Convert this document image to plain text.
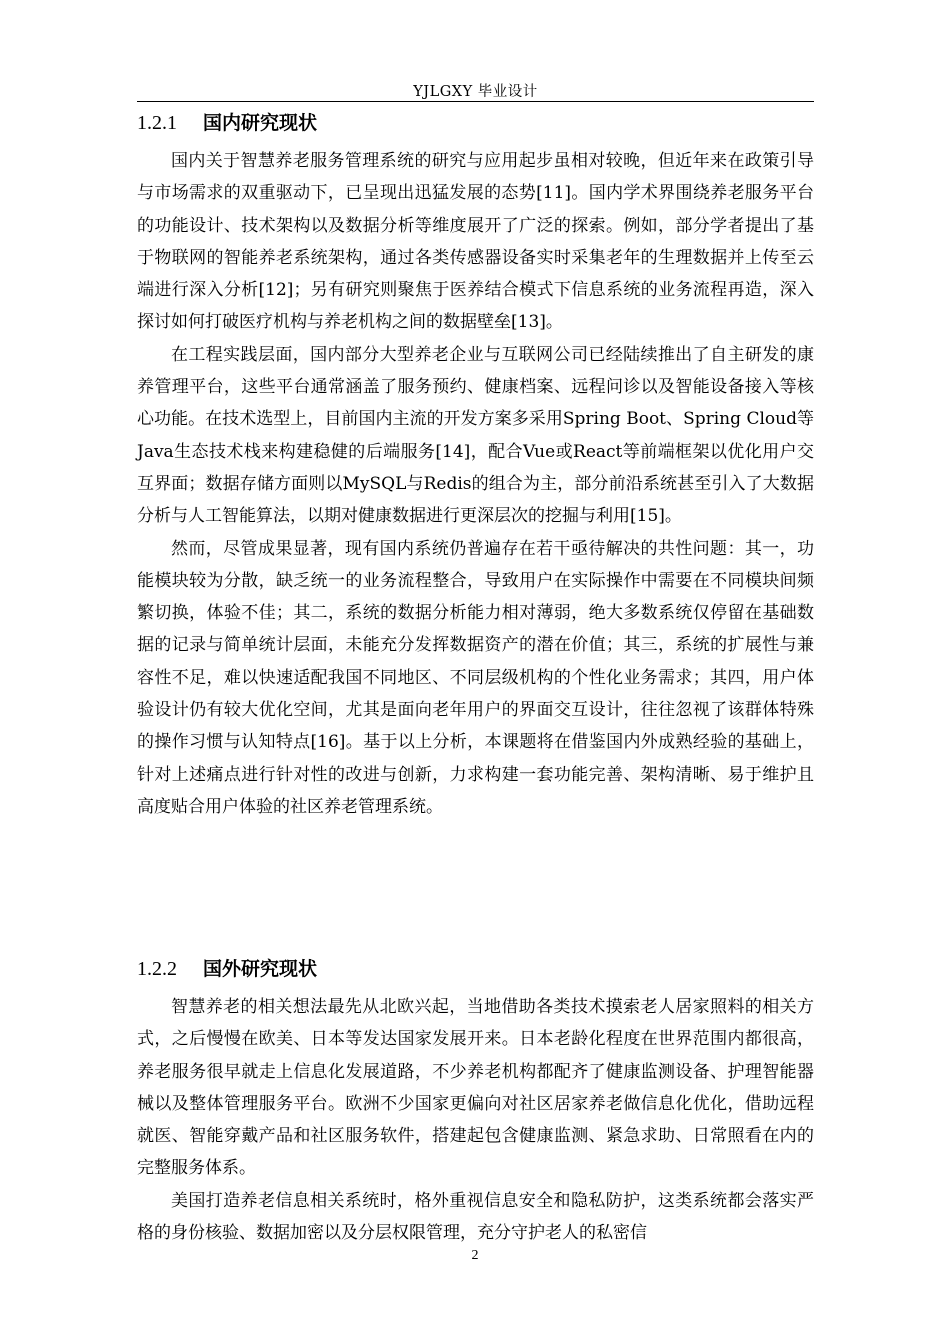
YJLGXY 毕业设计
1.2.1 国内研究现状

国内关于智慧养老服务管理系统的研究与应用起步虽相对较晚，但近年来在政策引导与市场需求的双重驱动下，已呈现出迅猛发展的态势[11]。国内学术界围绕养老服务平台的功能设计、技术架构以及数据分析等维度展开了广泛的探索。例如，部分学者提出了基于物联网的智能养老系统架构，通过各类传感器设备实时采集老年的生理数据并上传至云端进行深入分析[12]；另有研究则聚焦于医养结合模式下信息系统的业务流程再造，深入探讨如何打破医疗机构与养老机构之间的数据壁垒[13]。

在工程实践层面，国内部分大型养老企业与互联网公司已经陆续推出了自主研发的康养管理平台，这些平台通常涵盖了服务预约、健康档案、远程问诊以及智能设备接入等核心功能。在技术选型上，目前国内主流的开发方案多采用Spring Boot、Spring Cloud等Java生态技术栈来构建稳健的后端服务[14]，配合Vue或React等前端框架以优化用户交互界面；数据存储方面则以MySQL与Redis的组合为主，部分前沿系统甚至引入了大数据分析与人工智能算法，以期对健康数据进行更深层次的挖掘与利用[15]。

然而，尽管成果显著，现有国内系统仍普遍存在若干亟待解决的共性问题：其一，功能模块较为分散，缺乏统一的业务流程整合，导致用户在实际操作中需要在不同模块间频繁切换，体验不佳；其二，系统的数据分析能力相对薄弱，绝大多数系统仅停留在基础数据的记录与简单统计层面，未能充分发挥数据资产的潜在价值；其三，系统的扩展性与兼容性不足，难以快速适配我国不同地区、不同层级机构的个性化业务需求；其四，用户体验设计仍有较大优化空间，尤其是面向老年用户的界面交互设计，往往忽视了该群体特殊的操作习惯与认知特点[16]。基于以上分析，本课题将在借鉴国内外成熟经验的基础上，针对上述痛点进行针对性的改进与创新，力求构建一套功能完善、架构清晰、易于维护且高度贴合用户体验的社区养老管理系统。

1.2.2 国外研究现状

智慧养老的相关想法最先从北欧兴起，当地借助各类技术摸索老人居家照料的相关方式，之后慢慢在欧美、日本等发达国家发展开来。日本老龄化程度在世界范围内都很高，养老服务很早就走上信息化发展道路，不少养老机构都配齐了健康监测设备、护理智能器械以及整体管理服务平台。欧洲不少国家更偏向对社区居家养老做信息化优化，借助远程就医、智能穿戴产品和社区服务软件，搭建起包含健康监测、紧急求助、日常照看在内的完整服务体系。

美国打造养老信息相关系统时，格外重视信息安全和隐私防护，这类系统都会落实严格的身份核验、数据加密以及分层权限管理，充分守护老人的私密信

2
